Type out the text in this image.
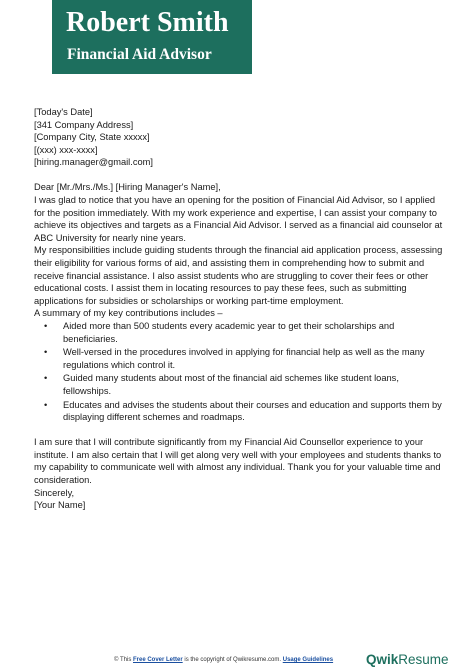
Robert Smith
Financial Aid Advisor

[Today's Date]

[341 Company Address]
[Company City, State xxxxx]
[(xxx) xxx-xxxx]
[hiring.manager@gmail.com]

Dear [Mr./Mrs./Ms.] [Hiring Manager's Name],

I was glad to notice that you have an opening for the position of Financial Aid Advisor, so I applied for the position immediately. With my work experience and expertise, I can assist your company to achieve its objectives and targets as a Financial Aid Advisor. I served as a financial aid counselor at ABC University for nearly nine years.

My responsibilities include guiding students through the financial aid application process, assessing their eligibility for various forms of aid, and assisting them in comprehending how to submit and receive financial assistance. I also assist students who are struggling to cover their fees or other educational costs. I assist them in locating resources to pay these fees, such as submitting applications for subsidies or scholarships or working part-time employment.

A summary of my key contributions includes –

• Aided more than 500 students every academic year to get their scholarships and beneficiaries.
• Well-versed in the procedures involved in applying for financial help as well as the many regulations which control it.
• Guided many students about most of the financial aid schemes like student loans, fellowships.
• Educates and advises the students about their courses and education and supports them by displaying different schemes and roadmaps.

I am sure that I will contribute significantly from my Financial Aid Counsellor experience to your institute. I am also certain that I will get along very well with your employees and students thanks to my capability to communicate well with almost any individual. Thank you for your valuable time and consideration.

Sincerely,
[Your Name]
© This Free Cover Letter is the copyright of Qwikresume.com. Usage Guidelines QwikResume
